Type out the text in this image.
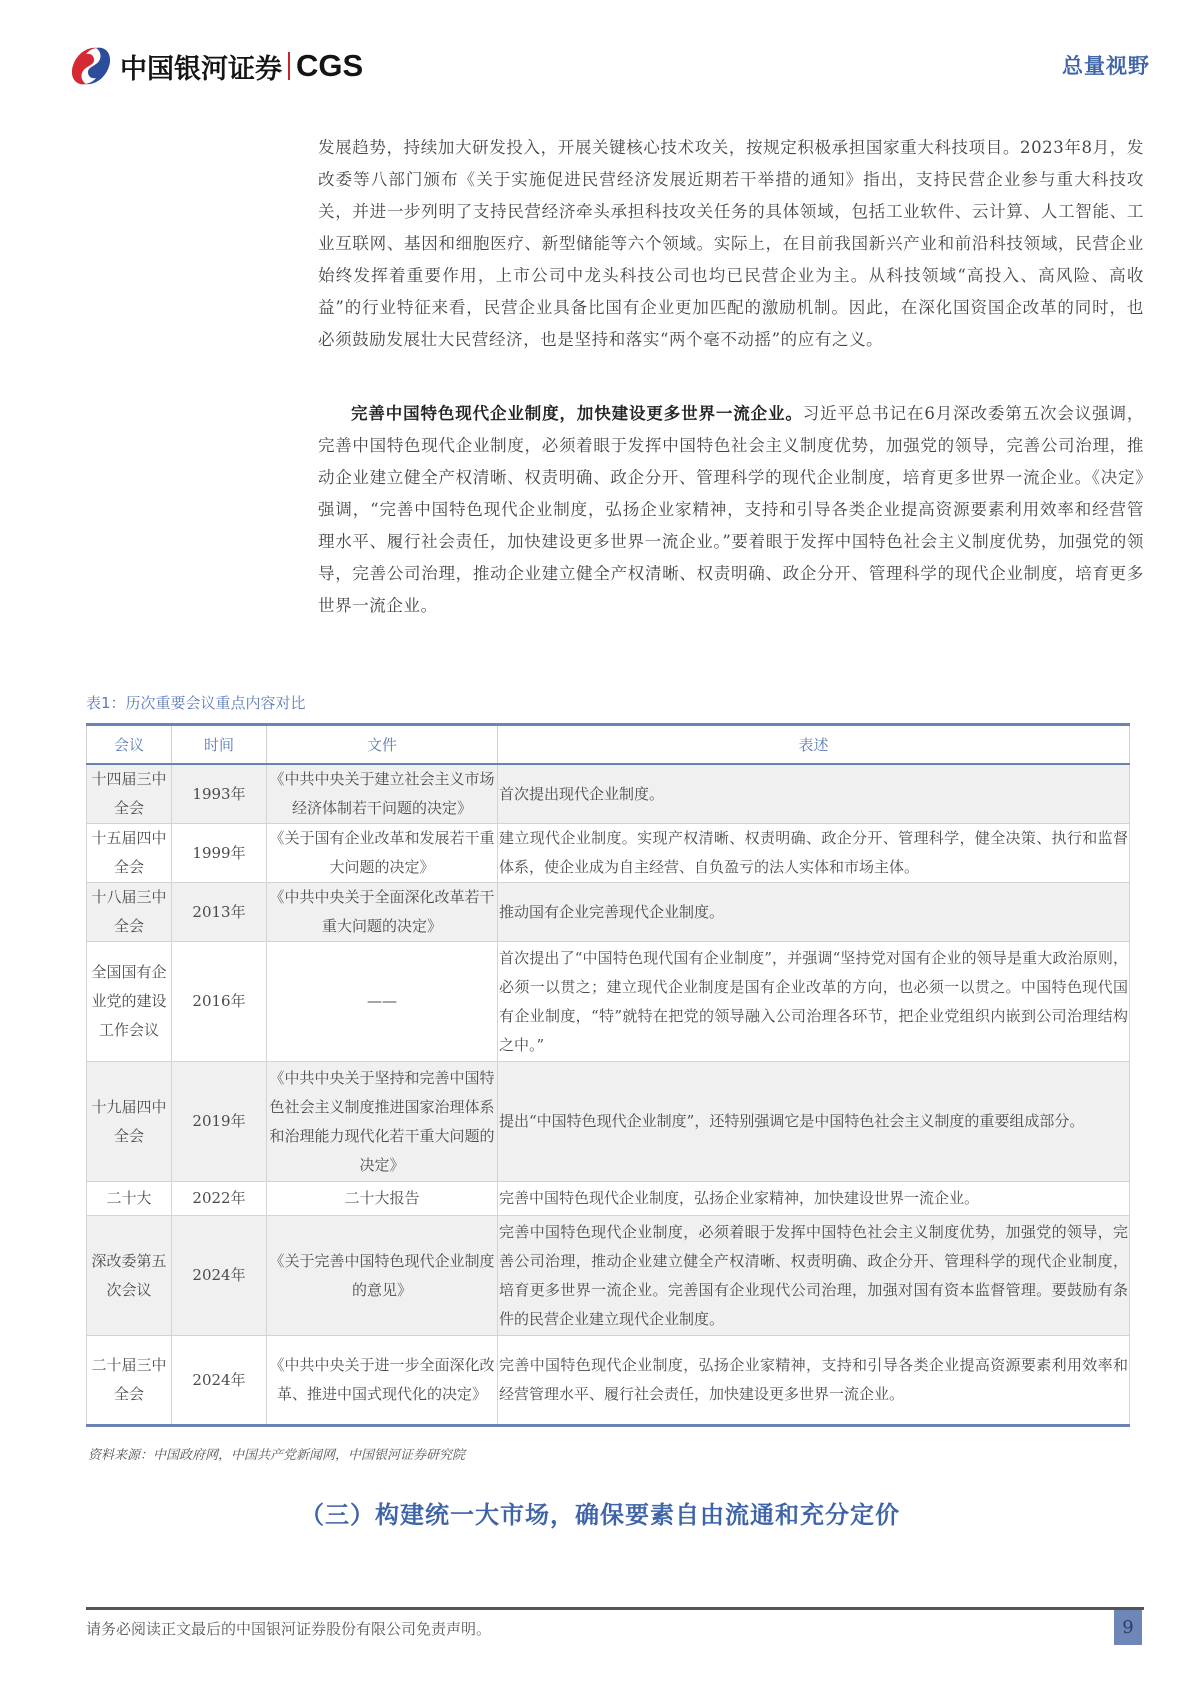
中国银河证券 CGS	总量视野
发展趋势，持续加大研发投入，开展关键核心技术攻关，按规定积极承担国家重大科技项目。2023年8月，发改委等八部门颁布《关于实施促进民营经济发展近期若干举措的通知》指出，支持民营企业参与重大科技攻关，并进一步列明了支持民营经济牵头承担科技攻关任务的具体领域，包括工业软件、云计算、人工智能、工业互联网、基因和细胞医疗、新型储能等六个领域。实际上，在目前我国新兴产业和前沿科技领域，民营企业始终发挥着重要作用，上市公司中龙头科技公司也均已民营企业为主。从科技领域“高投入、高风险、高收益”的行业特征来看，民营企业具备比国有企业更加匹配的激励机制。因此，在深化国资国企改革的同时，也必须鼓励发展壮大民营经济，也是坚持和落实“两个毫不动摇”的应有之义。
完善中国特色现代企业制度，加快建设更多世界一流企业。习近平总书记在6月深改委第五次会议强调，完善中国特色现代企业制度，必须着眼于发挥中国特色社会主义制度优势，加强党的领导，完善公司治理，推动企业建立健全产权清晰、权责明确、政企分开、管理科学的现代企业制度，培育更多世界一流企业。《决定》强调，“完善中国特色现代企业制度，弘扬企业家精神，支持和引导各类企业提高资源要素利用效率和经营管理水平、履行社会责任，加快建设更多世界一流企业。”要着眼于发挥中国特色社会主义制度优势，加强党的领导，完善公司治理，推动企业建立健全产权清晰、权责明确、政企分开、管理科学的现代企业制度，培育更多世界一流企业。
表1：历次重要会议重点内容对比
会议	时间	文件	表述
十四届三中全会	1993年	《中共中央关于建立社会主义市场经济体制若干问题的决定》	首次提出现代企业制度。
十五届四中全会	1999年	《关于国有企业改革和发展若干重大问题的决定》	建立现代企业制度。实现产权清晰、权责明确、政企分开、管理科学，健全决策、执行和监督体系，使企业成为自主经营、自负盈亏的法人实体和市场主体。
十八届三中全会	2013年	《中共中央关于全面深化改革若干重大问题的决定》	推动国有企业完善现代企业制度。
全国国有企业党的建设工作会议	2016年	——	首次提出了“中国特色现代国有企业制度”，并强调“坚持党对国有企业的领导是重大政治原则，必须一以贯之；建立现代企业制度是国有企业改革的方向，也必须一以贯之。中国特色现代国有企业制度，“特”就特在把党的领导融入公司治理各环节，把企业党组织内嵌到公司治理结构之中。”
十九届四中全会	2019年	《中共中央关于坚持和完善中国特色社会主义制度推进国家治理体系和治理能力现代化若干重大问题的决定》	提出“中国特色现代企业制度”，还特别强调它是中国特色社会主义制度的重要组成部分。
二十大	2022年	二十大报告	完善中国特色现代企业制度，弘扬企业家精神，加快建设世界一流企业。
深改委第五次会议	2024年	《关于完善中国特色现代企业制度的意见》	完善中国特色现代企业制度，必须着眼于发挥中国特色社会主义制度优势，加强党的领导，完善公司治理，推动企业建立健全产权清晰、权责明确、政企分开、管理科学的现代企业制度，培育更多世界一流企业。完善国有企业现代公司治理，加强对国有资本监督管理。要鼓励有条件的民营企业建立现代企业制度。
二十届三中全会	2024年	《中共中央关于进一步全面深化改革、推进中国式现代化的决定》	完善中国特色现代企业制度，弘扬企业家精神，支持和引导各类企业提高资源要素利用效率和经营管理水平、履行社会责任，加快建设更多世界一流企业。
资料来源：中国政府网，中国共产党新闻网，中国银河证券研究院
（三）构建统一大市场，确保要素自由流通和充分定价
请务必阅读正文最后的中国银河证券股份有限公司免责声明。	9
